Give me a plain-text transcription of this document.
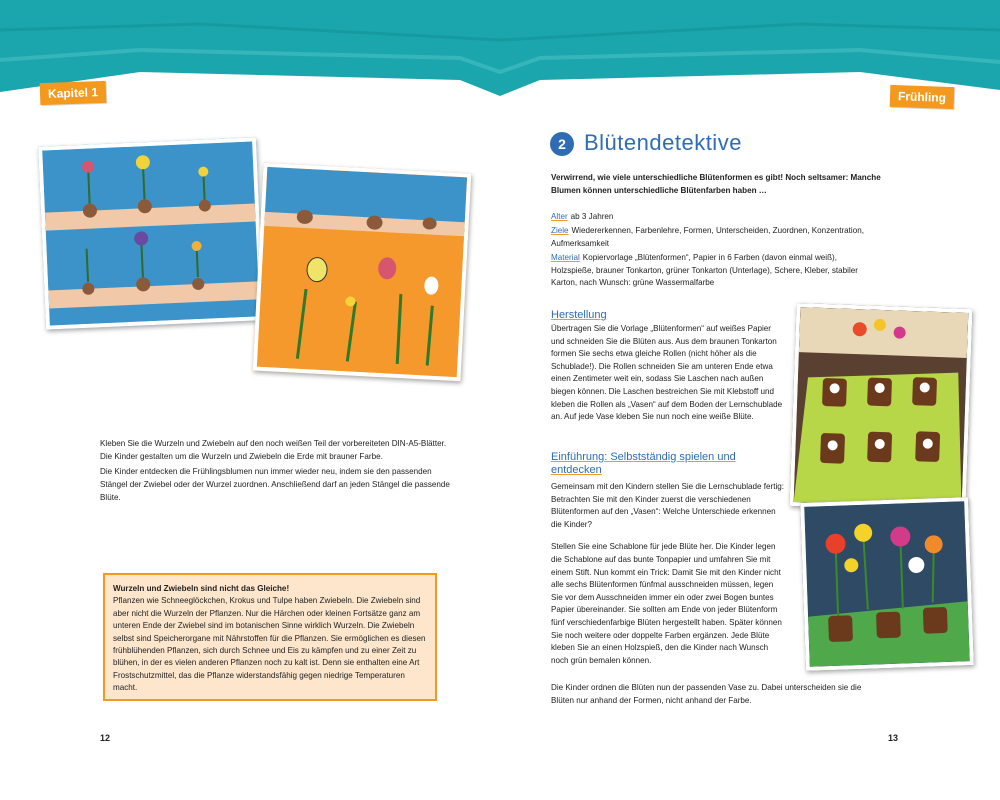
Kapitel 1	Frühling

Kleben Sie die Wurzeln und Zwiebeln auf den noch weißen Teil der vorbereiteten DIN-A5-Blätter. Die Kinder gestalten um die Wurzeln und Zwiebeln die Erde mit brauner Farbe.

Die Kinder entdecken die Frühlingsblumen nun immer wieder neu, indem sie den passenden Stängel der Zwiebel oder der Wurzel zuordnen. Anschließend darf an jeden Stängel die passende Blüte.

Wurzeln und Zwiebeln sind nicht das Gleiche!
Pflanzen wie Schneeglöckchen, Krokus und Tulpe haben Zwiebeln. Die Zwiebeln sind aber nicht die Wurzeln der Pflanzen. Nur die Härchen oder kleinen Fortsätze ganz am unteren Ende der Zwiebel sind im botanischen Sinne wirklich Wurzeln. Die Zwiebeln selbst sind Speicherorgane mit Nährstoffen für die Pflanzen. Sie ermöglichen es diesen frühblühenden Pflanzen, sich durch Schnee und Eis zu kämpfen und zu einer Zeit zu blühen, in der es vielen anderen Pflanzen noch zu kalt ist. Denn sie enthalten eine Art Frostschutzmittel, das die Pflanze widerstandsfähig gegen niedrige Temperaturen macht.
12
2 Blütendetektive
Verwirrend, wie viele unterschiedliche Blütenformen es gibt! Noch seltsamer: Manche Blumen können unterschiedliche Blütenfarben haben …

Alter ab 3 Jahren

Ziele Wiedererkennen, Farbenlehre, Formen, Unterscheiden, Zuordnen, Konzentration, Aufmerksamkeit

Material Kopiervorlage „Blütenformen“, Papier in 6 Farben (davon einmal weiß), Holzspieße, brauner Tonkarton, grüner Tonkarton (Unterlage), Schere, Kleber, stabiler Karton, nach Wunsch: grüne Wassermalfarbe

Herstellung
Übertragen Sie die Vorlage „Blütenformen“ auf weißes Papier und schneiden Sie die Blüten aus. Aus dem braunen Tonkarton formen Sie sechs etwa gleiche Rollen (nicht höher als die Schublade!). Die Rollen schneiden Sie am unteren Ende etwa einen Zentimeter weit ein, sodass Sie Laschen nach außen biegen können. Die Laschen bestreichen Sie mit Klebstoff und kleben die Rollen als „Vasen“ auf dem Boden der Lernschublade an. Auf jede Vase kleben Sie nun noch eine weiße Blüte.
Einführung: Selbstständig spielen und entdecken

Gemeinsam mit den Kindern stellen Sie die Lernschublade fertig: Betrachten Sie mit den Kinder zuerst die verschiedenen Blütenformen auf den „Vasen“: Welche Unterschiede erkennen die Kinder?

Stellen Sie eine Schablone für jede Blüte her. Die Kinder legen die Schablone auf das bunte Tonpapier und umfahren Sie mit einem Stift. Nun kommt ein Trick: Damit Sie mit den Kinder nicht alle sechs Blütenformen fünfmal ausschneiden müssen, legen Sie vor dem Ausschneiden immer ein oder zwei Bogen buntes Papier übereinander. Sie sollten am Ende von jeder Blütenform fünf verschiedenfarbige Blüten hergestellt haben. Später können Sie noch weitere oder doppelte Farben ergänzen. Jede Blüte kleben Sie an einen Holzspieß, den die Kinder nach Wunsch noch grün bemalen können.

Die Kinder ordnen die Blüten nun der passenden Vase zu. Dabei unterscheiden sie die Blüten nur anhand der Formen, nicht anhand der Farbe.
13
